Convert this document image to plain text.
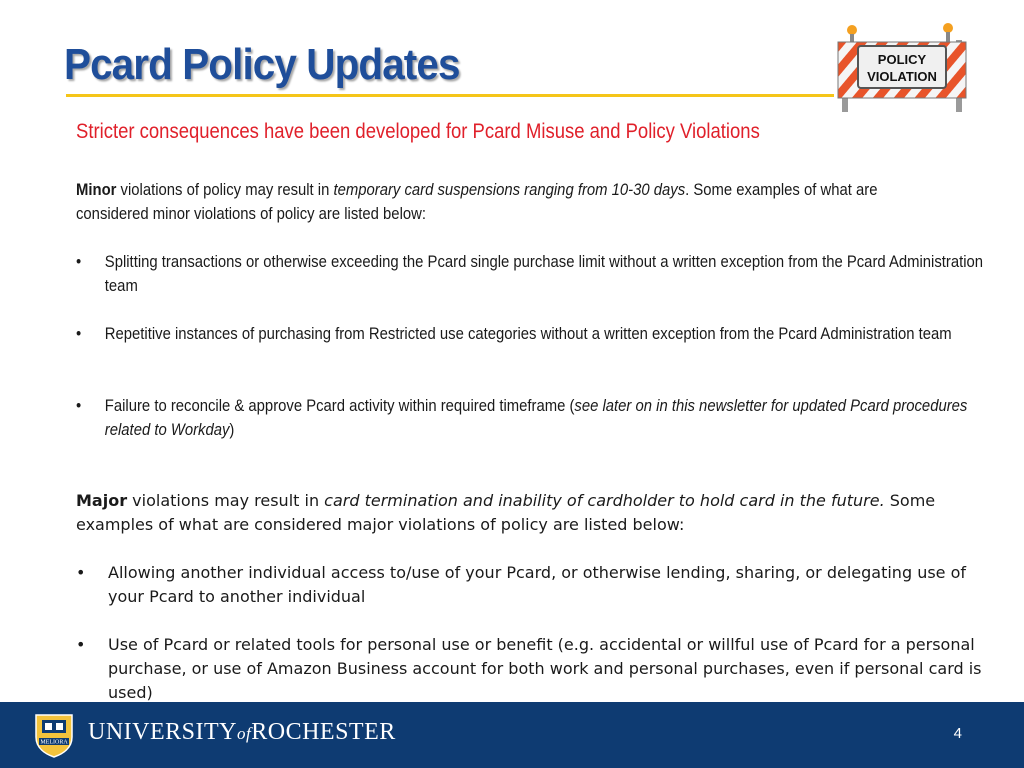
Pcard Policy Updates	POLICY
VIOLATION
Stricter consequences have been developed for Pcard Misuse and Policy Violations
Minor violations of policy may result in temporary card suspensions ranging from 10-30 days. Some examples of what are considered minor violations of policy are listed below:
• Splitting transactions or otherwise exceeding the Pcard single purchase limit without a written exception from the Pcard Administration team
• Repetitive instances of purchasing from Restricted use categories without a written exception from the Pcard Administration team
• Failure to reconcile & approve Pcard activity within required timeframe (see later on in this newsletter for updated Pcard procedures related to Workday)
Major violations may result in card termination and inability of cardholder to hold card in the future. Some examples of what are considered major violations of policy are listed below:
• Allowing another individual access to/use of your Pcard, or otherwise lending, sharing, or delegating use of your Pcard to another individual
• Use of Pcard or related tools for personal use or benefit (e.g. accidental or willful use of Pcard for a personal purchase, or use of Amazon Business account for both work and personal purchases, even if personal card is used)
MELIORA UNIVERSITYofROCHESTER	4
